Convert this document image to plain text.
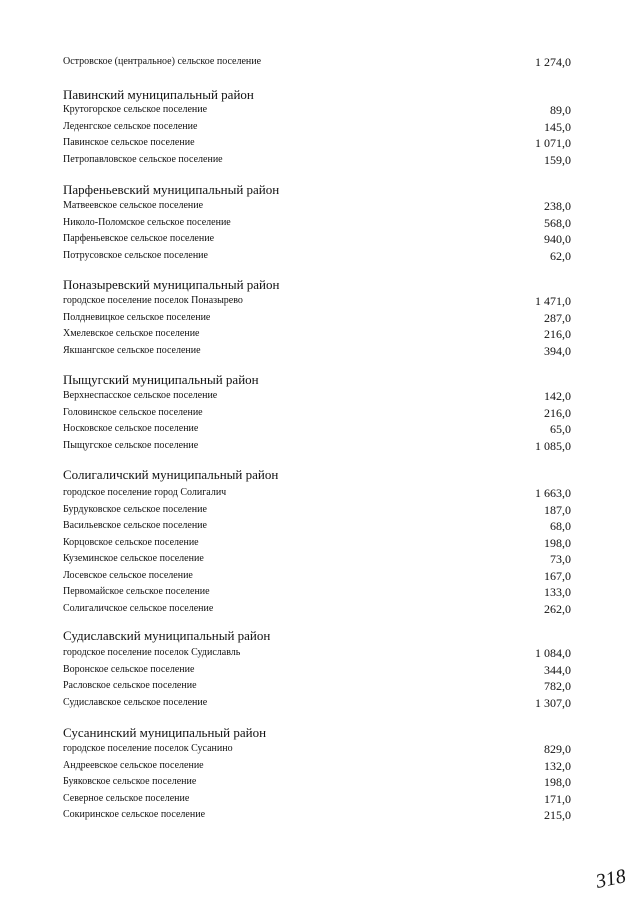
Островское (центральное) сельское поселение	1 274,0
Павинский муниципальный район
Крутогорское сельское поселение	89,0
Леденгское сельское поселение	145,0
Павинское сельское поселение	1 071,0
Петропавловское сельское поселение	159,0
Парфеньевский муниципальный район
Матвеевское сельское поселение	238,0
Николо-Поломское сельское поселение	568,0
Парфеньевское сельское поселение	940,0
Потрусовское сельское поселение	62,0
Поназыревский муниципальный район
городское поселение поселок Поназырево	1 471,0
Полдневицкое сельское поселение	287,0
Хмелевское сельское поселение	216,0
Якшангское сельское поселение	394,0
Пыщугский муниципальный район
Верхнеспасское сельское поселение	142,0
Головинское сельское поселение	216,0
Носковское сельское поселение	65,0
Пыщугское сельское поселение	1 085,0
Солигаличский муниципальный район
городское поселение город Солигалич	1 663,0
Бурдуковское сельское поселение	187,0
Васильевское сельское поселение	68,0
Корцовское сельское поселение	198,0
Куземинское сельское поселение	73,0
Лосевское сельское поселение	167,0
Первомайское сельское поселение	133,0
Солигаличское сельское поселение	262,0
Судиславский муниципальный район
городское поселение поселок Судиславль	1 084,0
Воронское сельское поселение	344,0
Расловское сельское поселение	782,0
Судиславское сельское поселение	1 307,0
Сусанинский муниципальный район
городское поселение поселок Сусанино	829,0
Андреевское сельское поселение	132,0
Буяковское сельское поселение	198,0
Северное сельское поселение	171,0
Сокиринское сельское поселение	215,0
318
